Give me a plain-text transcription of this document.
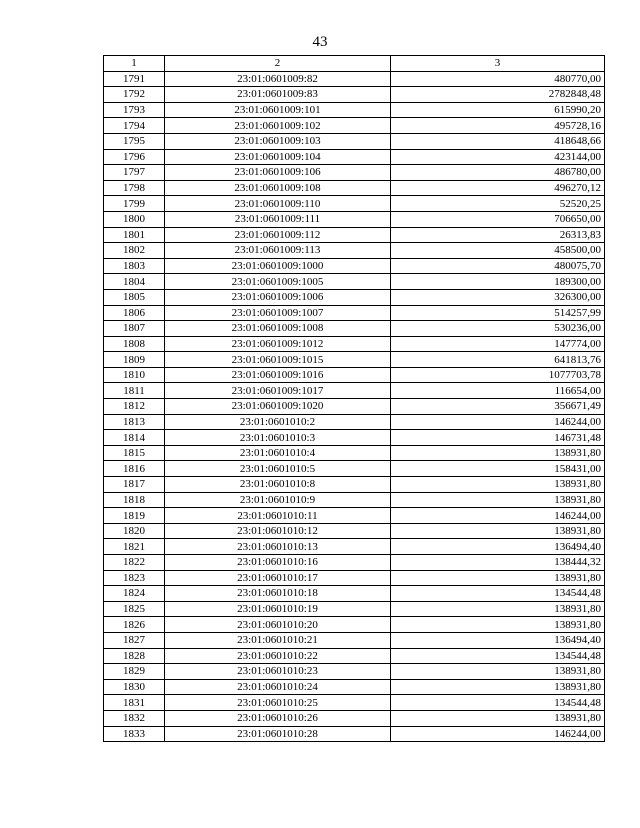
43
1	2	3
1791	23:01:0601009:82	480770,00
1792	23:01:0601009:83	2782848,48
1793	23:01:0601009:101	615990,20
1794	23:01:0601009:102	495728,16
1795	23:01:0601009:103	418648,66
1796	23:01:0601009:104	423144,00
1797	23:01:0601009:106	486780,00
1798	23:01:0601009:108	496270,12
1799	23:01:0601009:110	52520,25
1800	23:01:0601009:111	706650,00
1801	23:01:0601009:112	26313,83
1802	23:01:0601009:113	458500,00
1803	23:01:0601009:1000	480075,70
1804	23:01:0601009:1005	189300,00
1805	23:01:0601009:1006	326300,00
1806	23:01:0601009:1007	514257,99
1807	23:01:0601009:1008	530236,00
1808	23:01:0601009:1012	147774,00
1809	23:01:0601009:1015	641813,76
1810	23:01:0601009:1016	1077703,78
1811	23:01:0601009:1017	116654,00
1812	23:01:0601009:1020	356671,49
1813	23:01:0601010:2	146244,00
1814	23:01:0601010:3	146731,48
1815	23:01:0601010:4	138931,80
1816	23:01:0601010:5	158431,00
1817	23:01:0601010:8	138931,80
1818	23:01:0601010:9	138931,80
1819	23:01:0601010:11	146244,00
1820	23:01:0601010:12	138931,80
1821	23:01:0601010:13	136494,40
1822	23:01:0601010:16	138444,32
1823	23:01:0601010:17	138931,80
1824	23:01:0601010:18	134544,48
1825	23:01:0601010:19	138931,80
1826	23:01:0601010:20	138931,80
1827	23:01:0601010:21	136494,40
1828	23:01:0601010:22	134544,48
1829	23:01:0601010:23	138931,80
1830	23:01:0601010:24	138931,80
1831	23:01:0601010:25	134544,48
1832	23:01:0601010:26	138931,80
1833	23:01:0601010:28	146244,00
